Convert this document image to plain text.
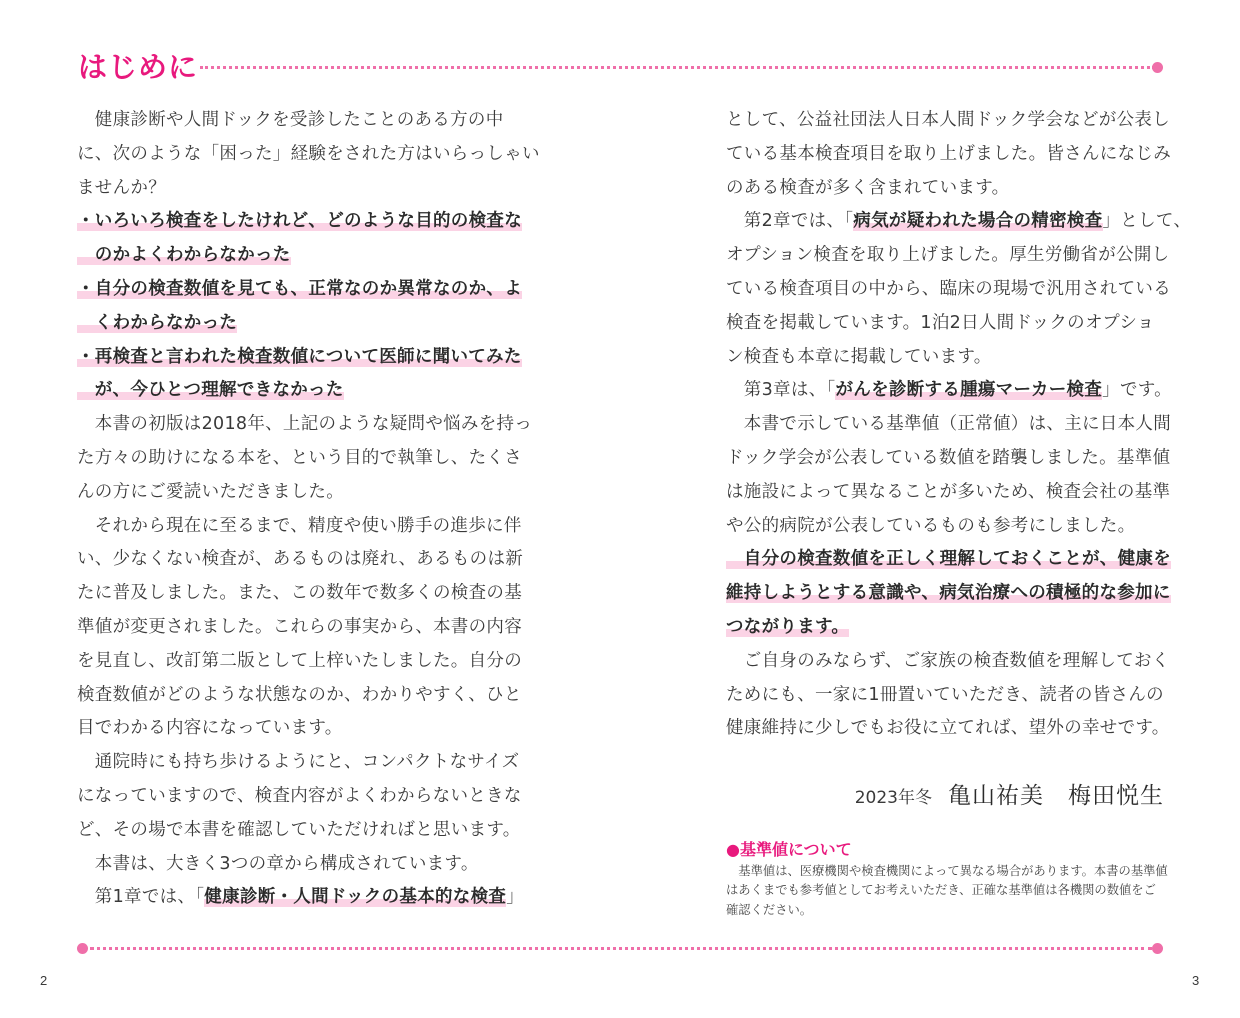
はじめに
　健康診断や人間ドックを受診したことのある方の中
に、次のような「困った」経験をされた方はいらっしゃい
ませんか？
・いろいろ検査をしたけれど、どのような目的の検査な
　のかよくわからなかった
・自分の検査数値を見ても、正常なのか異常なのか、よ
　くわからなかった
・再検査と言われた検査数値について医師に聞いてみた
　が、今ひとつ理解できなかった
　本書の初版は2018年、上記のような疑問や悩みを持っ
た方々の助けになる本を、という目的で執筆し、たくさ
んの方にご愛読いただきました。
　それから現在に至るまで、精度や使い勝手の進歩に伴
い、少なくない検査が、あるものは廃れ、あるものは新
たに普及しました。また、この数年で数多くの検査の基
準値が変更されました。これらの事実から、本書の内容
を見直し、改訂第二版として上梓いたしました。自分の
検査数値がどのような状態なのか、わかりやすく、ひと
目でわかる内容になっています。
　通院時にも持ち歩けるようにと、コンパクトなサイズ
になっていますので、検査内容がよくわからないときな
ど、その場で本書を確認していただければと思います。
　本書は、大きく3つの章から構成されています。
　第1章では、「健康診断・人間ドックの基本的な検査」
として、公益社団法人日本人間ドック学会などが公表し
ている基本検査項目を取り上げました。皆さんになじみ
のある検査が多く含まれています。
　第2章では、「病気が疑われた場合の精密検査」として、
オプション検査を取り上げました。厚生労働省が公開し
ている検査項目の中から、臨床の現場で汎用されている
検査を掲載しています。1泊2日人間ドックのオプショ
ン検査も本章に掲載しています。
　第3章は、「がんを診断する腫瘍マーカー検査」です。
　本書で示している基準値（正常値）は、主に日本人間
ドック学会が公表している数値を踏襲しました。基準値
は施設によって異なることが多いため、検査会社の基準
や公的病院が公表しているものも参考にしました。
　自分の検査数値を正しく理解しておくことが、健康を
維持しようとする意識や、病気治療への積極的な参加に
つながります。
　ご自身のみならず、ご家族の検査数値を理解しておく
ためにも、一家に1冊置いていただき、読者の皆さんの
健康維持に少しでもお役に立てれば、望外の幸せです。
2023年冬 亀山祐美　梅田悦生
●基準値について

基準値は、医療機関や検査機関によって異なる場合があります。本書の基準値はあくまでも参考値としてお考えいただき、正確な基準値は各機関の数値をご確認ください。

2	3
